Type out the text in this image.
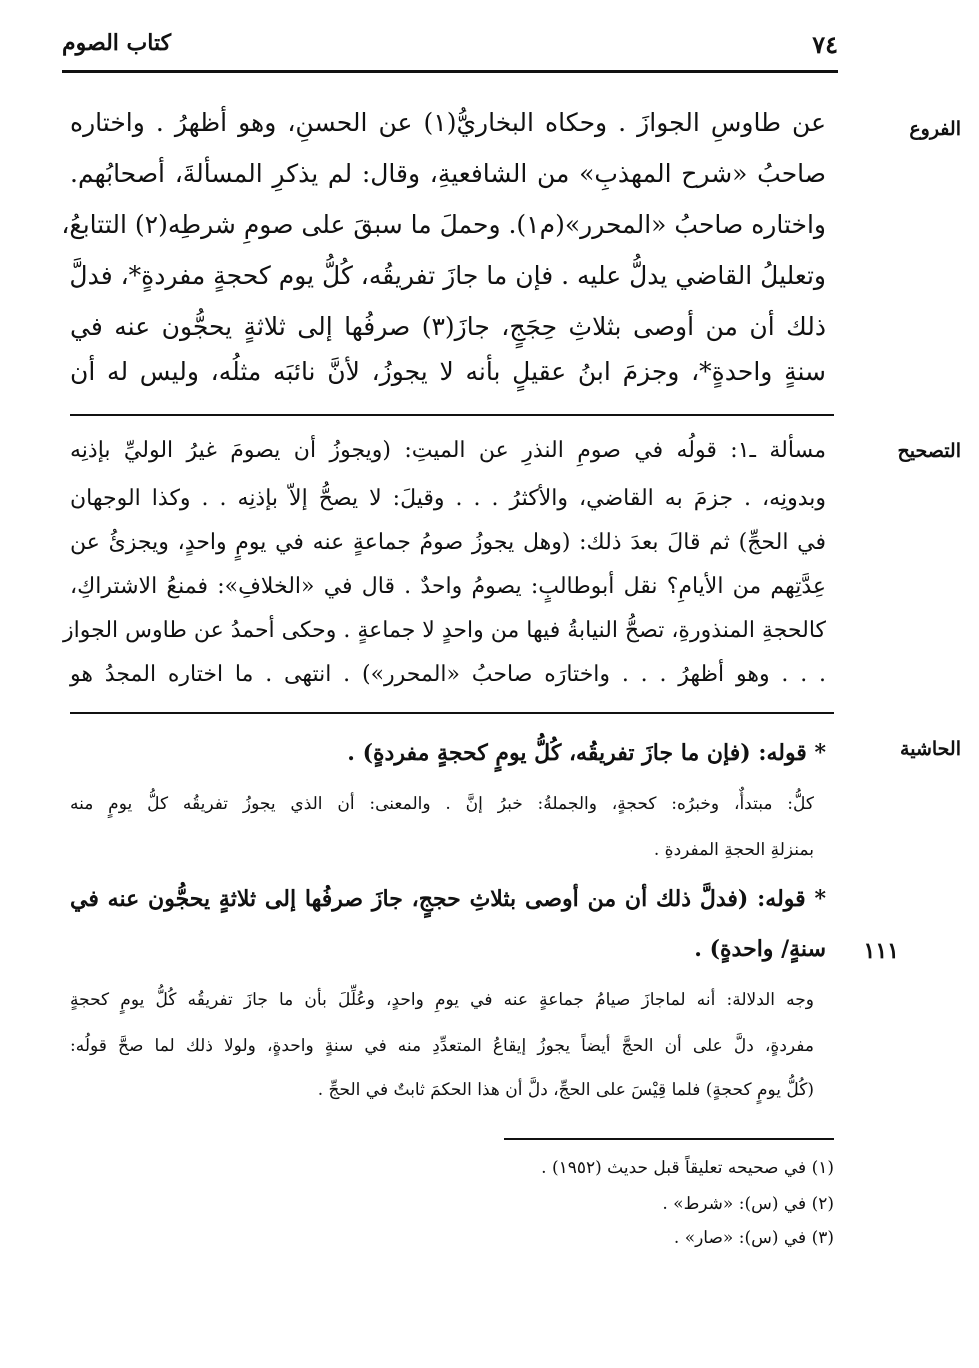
كتاب الصوم	٧٤
الفروع
عن طاوسِ الجوازَ . وحكاه البخاريُّ(١) عن الحسنِ، وهو أظهرُ . واختاره
صاحبُ «شرح المهذبِ» من الشافعيةِ، وقال: لم يذكرِ المسألةَ، أصحابُهم.
واختاره صاحبُ «المحرر»(م١). وحملَ ما سبقَ على صومِ شرطِه(٢) التتابعُ،
وتعليلُ القاضي يدلُّ عليه . فإن ما جازَ تفريقُه، كُلُّ يوم كحجةٍ مفردةٍ*، فدلَّ
ذلك أن من أوصى بثلاثِ حِجَجٍ، جازَ(٣) صرفُها إلى ثلاثةٍ يحجُّون عنه في
سنةٍ واحدةٍ*، وجزمَ ابنُ عقيلٍ بأنه لا يجوزُ، لأنَّ نائبَه مثلُه، وليس له أن
التصحيح
مسألة ـ١: قولُه في صومِ النذرِ عن الميتِ: (ويجوزُ أن يصومَ غيرُ الوليِّ بإذنِه
وبدونِه، . جزمَ به القاضي، والأكثرُ . . . وقيلَ: لا يصحُّ إلاّ بإذنِه . . وكذا الوجهان
في الحجِّ) ثم قالَ بعدَ ذلك: (وهل يجوزُ صومُ جماعةٍ عنه في يومٍ واحدٍ، ويجزئُ عن
عِدَّتِهم من الأيامِ؟ نقل أبوطالبٍ: يصومُ واحدٌ . قال في «الخلافِ»: فمنعُ الاشتراكِ،
كالحجةِ المنذورةِ، تصحُّ النيابةُ فيها من واحدٍ لا جماعةٍ . وحكى أحمدُ عن طاوس الجواز
. . . وهو أظهرُ . . . واختارَه صاحبُ «المحرر») . انتهى . ما اختاره المجدُ هو
الحاشية
* قوله: (فإن ما جازَ تفريقُه، كُلُّ يومٍ كحجةٍ مفردةٍ) .
كلُّ: مبتدأٌ، وخبرُه: كحجةٍ، والجملةُ: خبرُ إنَّ . والمعنى: أن الذي يجوزُ تفريقُه كلُّ يومٍ منه
بمنزلةِ الحجةِ المفردةِ .
* قوله: (فدلَّ ذلك أن من أوصى بثلاثِ حججٍ، جازَ صرفُها إلى ثلاثةٍ يحجُّون عنه في
١١١
سنةٍ/ واحدةٍ) .
وجه الدلالة: أنه لماجازَ صيامُ جماعةٍ عنه في يومِ واحدٍ، وعُلِّلَ بأن ما جازَ تفريقُه كُلُّ يومٍ كحجةٍ
مفردةٍ، دلَّ على أن الحجَّ أيضاً يجوزُ إيقاعُ المتعدِّدِ منه في سنةٍ واحدةٍ، ولولا ذلك لما صحَّ قولُه:
(كُلُّ يومٍ كحجةٍ) فلما قِيْسَ على الحجِّ، دلَّ أن هذا الحكمَ ثابتٌ في الحجِّ .
(١) في صحيحه تعليقاً قبل حديث (١٩٥٢) .
(٢) في (س): «شرط» .
(٣) في (س): «صار» .
